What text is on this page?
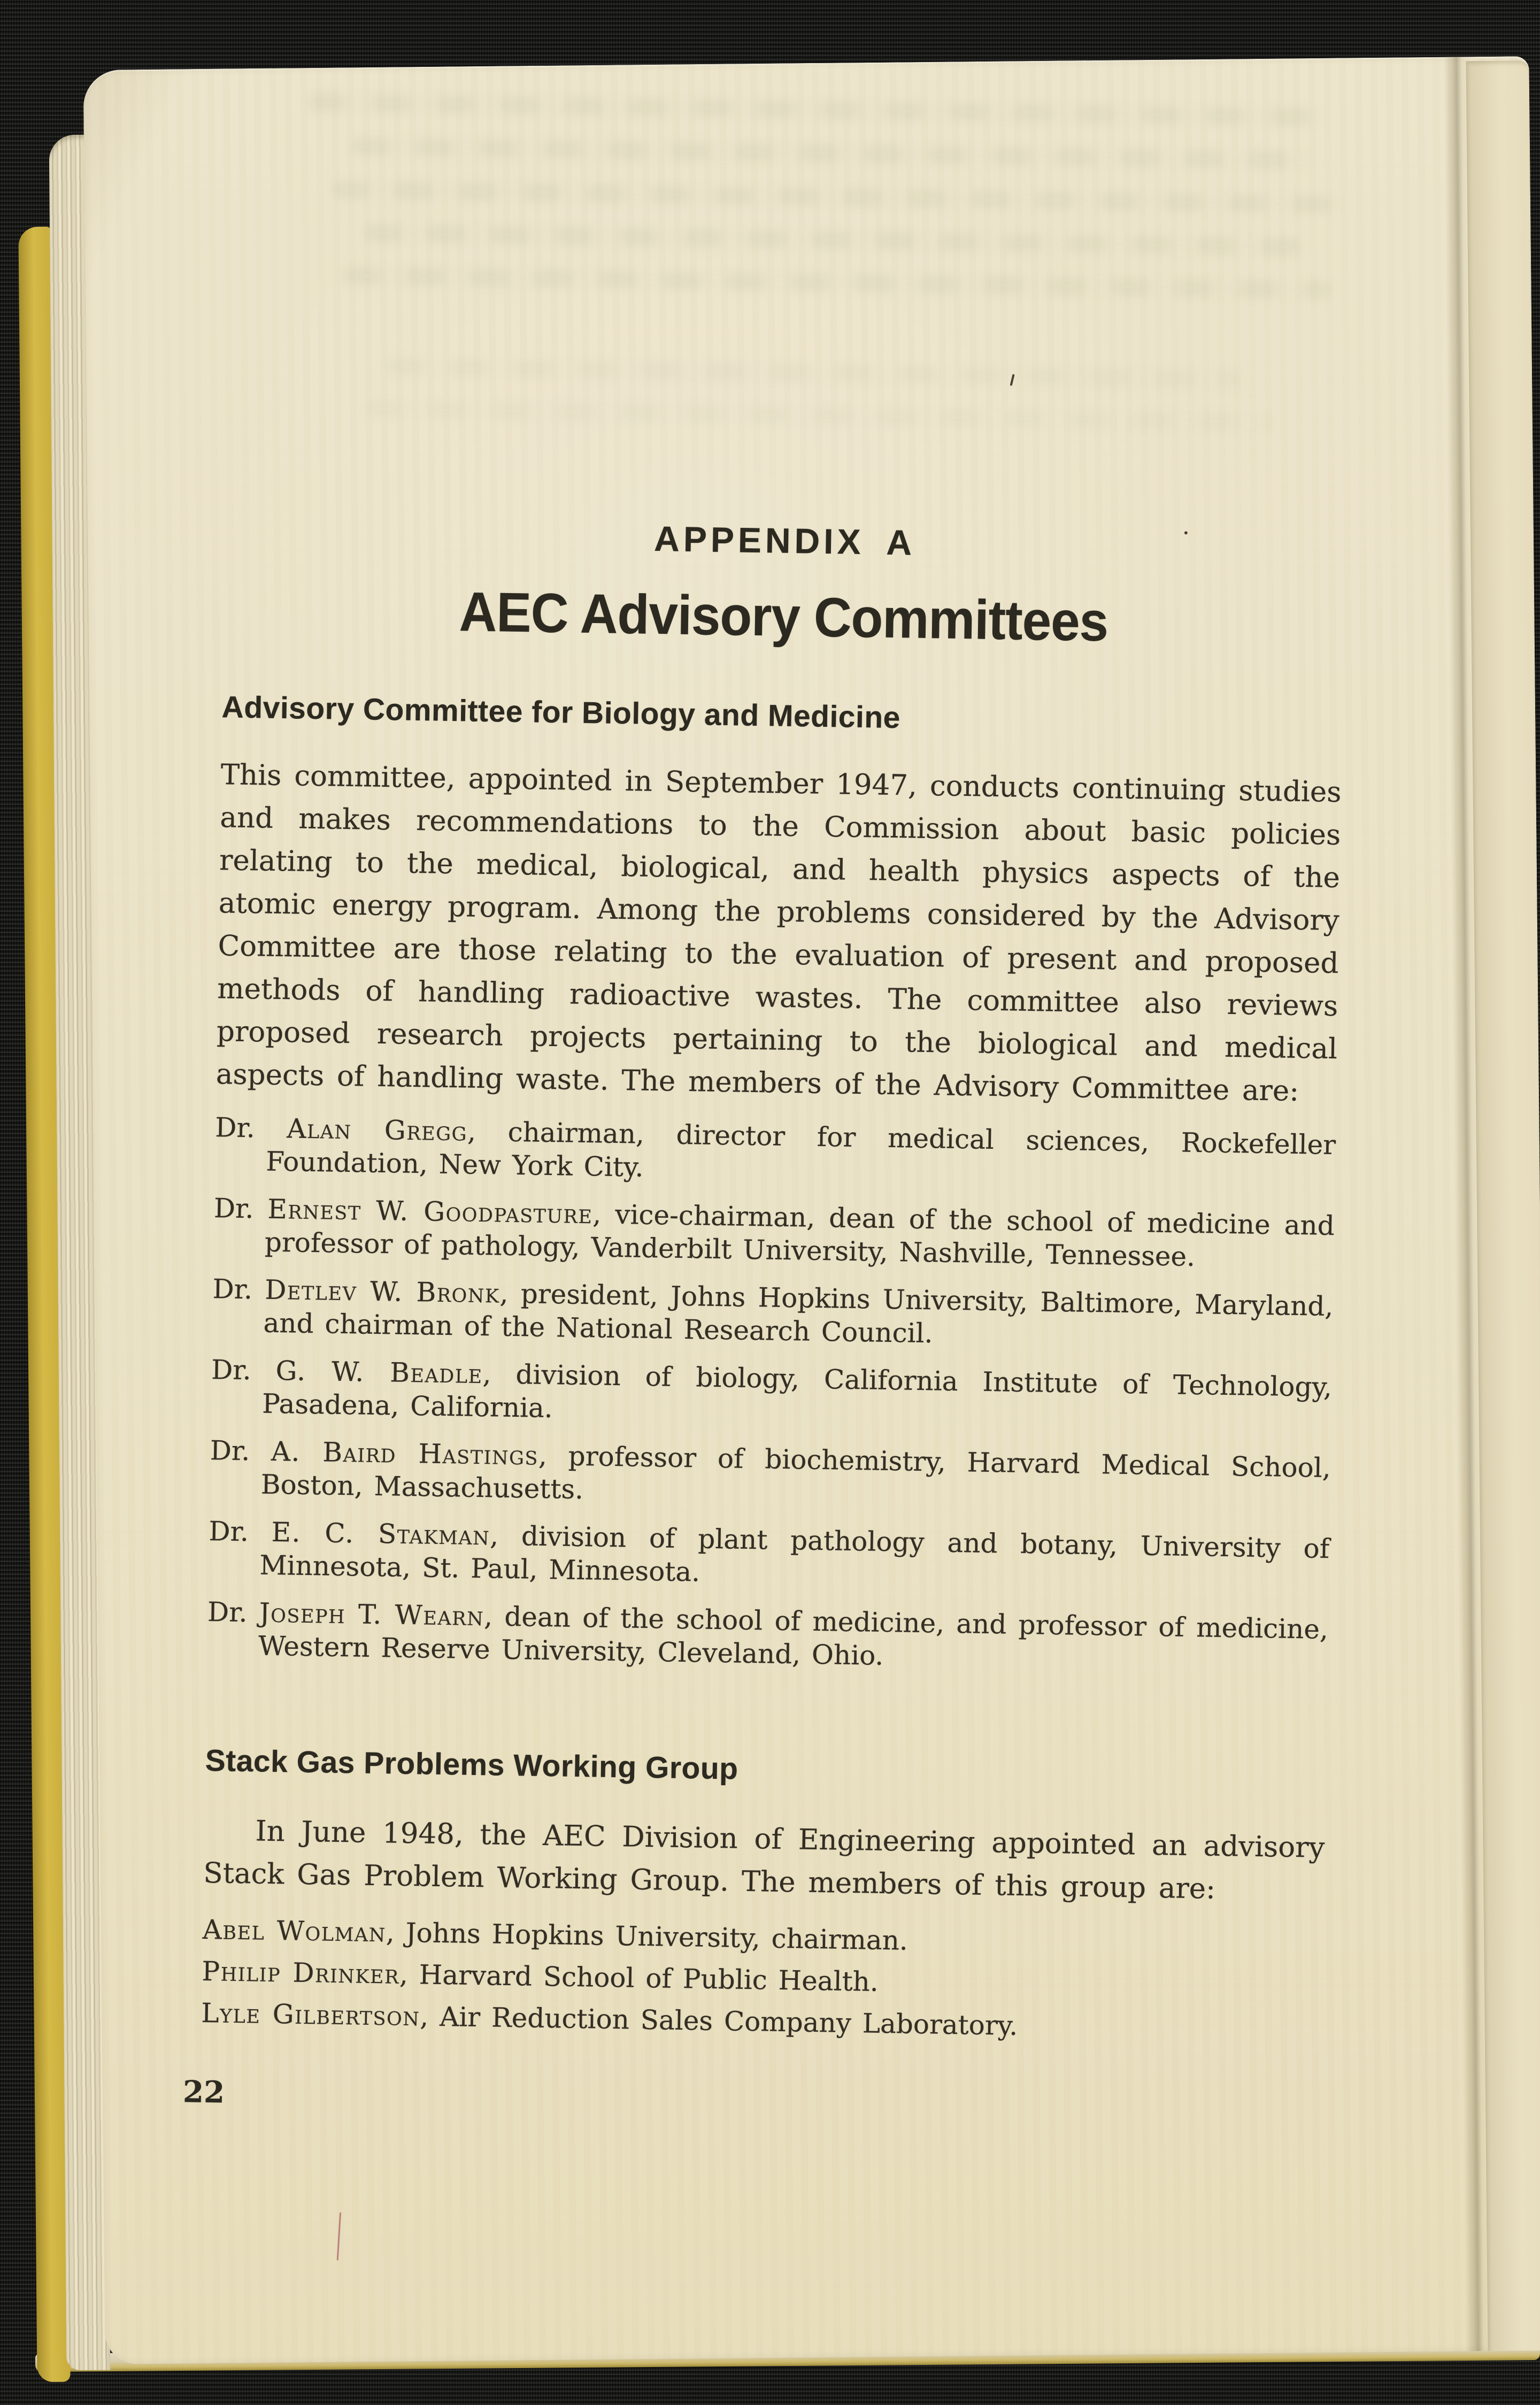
APPENDIX A
AEC Advisory Committees
Advisory Committee for Biology and Medicine

This committee, appointed in September 1947, conducts continuing studies and makes recommendations to the Commission about basic policies relating to the medical, biological, and health physics aspects of the atomic energy program. Among the problems considered by the Advisory Committee are those relating to the evaluation of present and proposed methods of handling radioactive wastes. The committee also reviews proposed research projects pertaining to the biological and medical aspects of handling waste. The members of the Advisory Committee are:

Dr. Alan Gregg, chairman, director for medical sciences, Rockefeller Foundation, New York City.
Dr. Ernest W. Goodpasture, vice-chairman, dean of the school of medicine and professor of pathology, Vanderbilt University, Nashville, Tennessee.
Dr. Detlev W. Bronk, president, Johns Hopkins University, Baltimore, Maryland, and chairman of the National Research Council.
Dr. G. W. Beadle, division of biology, California Institute of Technology, Pasadena, California.
Dr. A. Baird Hastings, professor of biochemistry, Harvard Medical School, Boston, Massachusetts.
Dr. E. C. Stakman, division of plant pathology and botany, University of Minnesota, St. Paul, Minnesota.
Dr. Joseph T. Wearn, dean of the school of medicine, and professor of medicine, Western Reserve University, Cleveland, Ohio.
Stack Gas Problems Working Group

In June 1948, the AEC Division of Engineering appointed an advisory Stack Gas Problem Working Group. The members of this group are:

Abel Wolman, Johns Hopkins University, chairman.
Philip Drinker, Harvard School of Public Health.
Lyle Gilbertson, Air Reduction Sales Company Laboratory.
22
